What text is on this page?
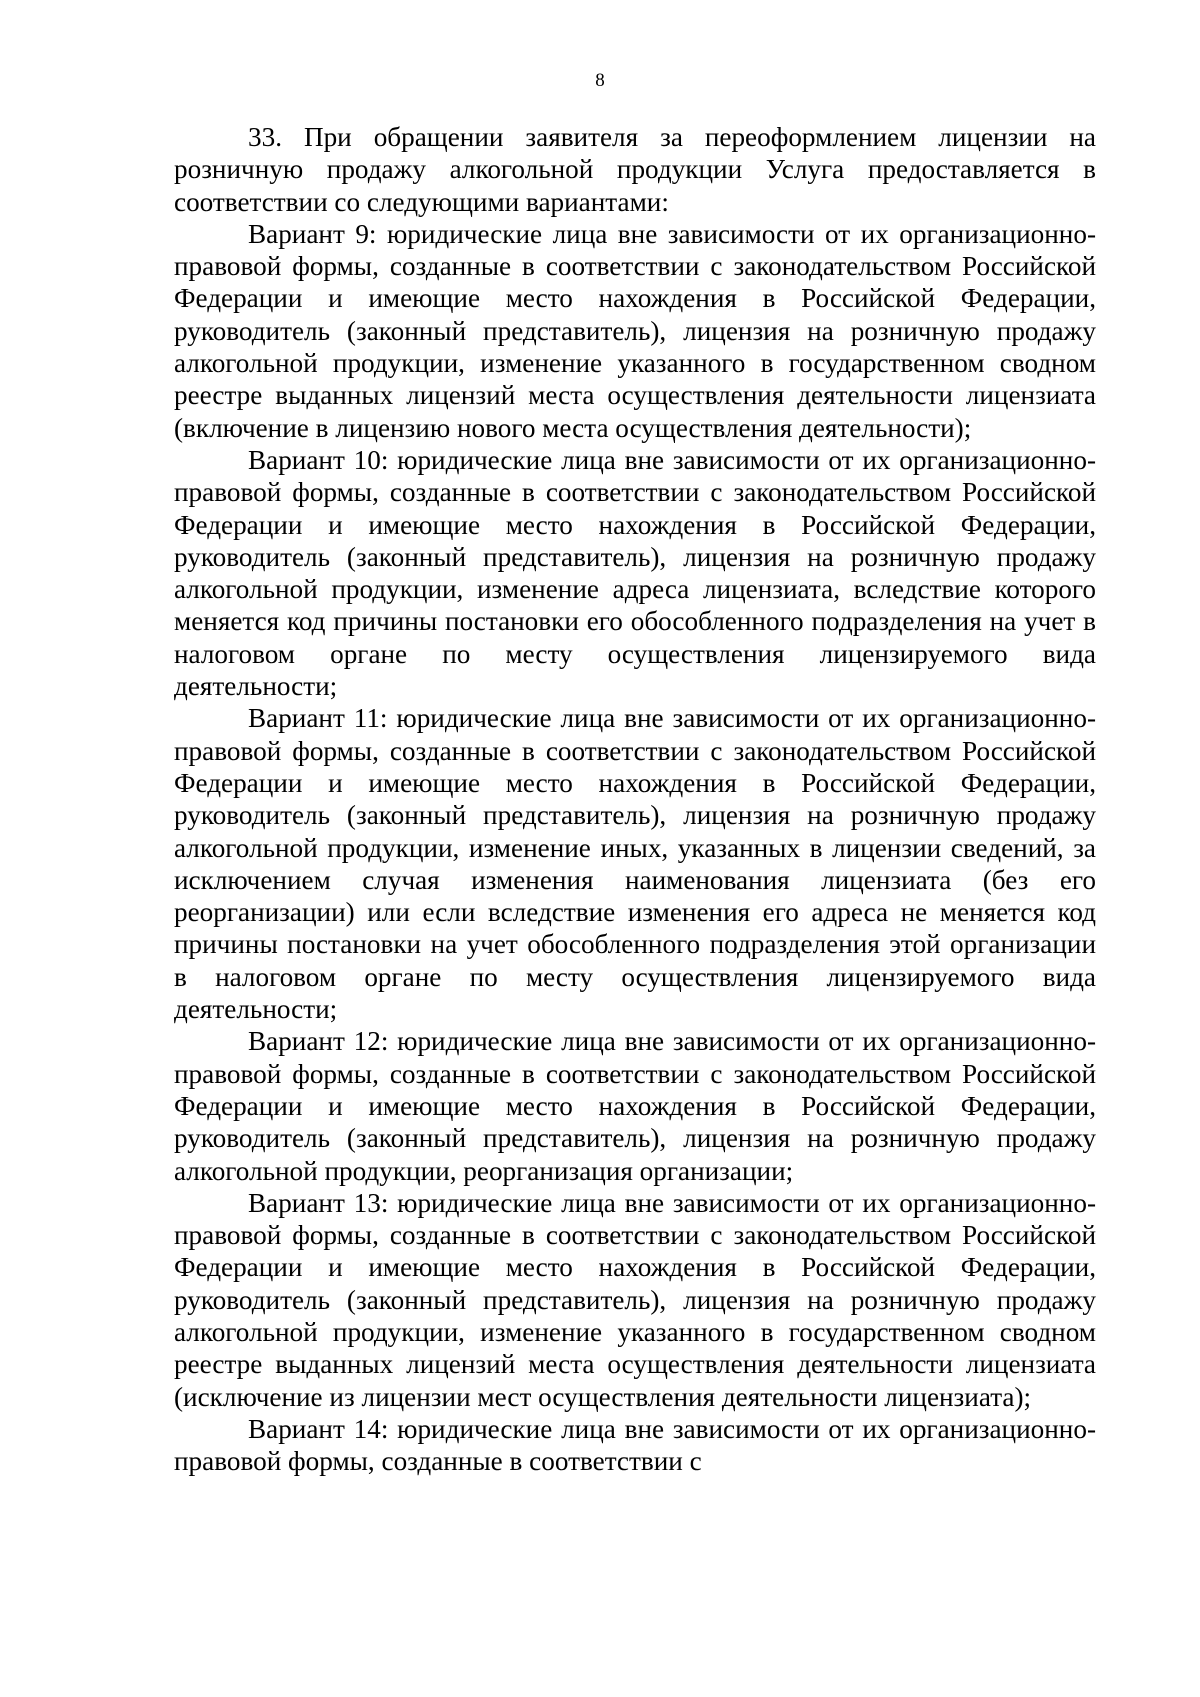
8

33. При обращении заявителя за переоформлением лицензии на розничную продажу алкогольной продукции Услуга предоставляется в соответствии со следующими вариантами:

Вариант 9: юридические лица вне зависимости от их организационно-правовой формы, созданные в соответствии с законодательством Российской Федерации и имеющие место нахождения в Российской Федерации, руководитель (законный представитель), лицензия на розничную продажу алкогольной продукции, изменение указанного в государственном сводном реестре выданных лицензий места осуществления деятельности лицензиата (включение в лицензию нового места осуществления деятельности);

Вариант 10: юридические лица вне зависимости от их организационно-правовой формы, созданные в соответствии с законодательством Российской Федерации и имеющие место нахождения в Российской Федерации, руководитель (законный представитель), лицензия на розничную продажу алкогольной продукции, изменение адреса лицензиата, вследствие которого меняется код причины постановки его обособленного подразделения на учет в налоговом органе по месту осуществления лицензируемого вида деятельности;

Вариант 11: юридические лица вне зависимости от их организационно-правовой формы, созданные в соответствии с законодательством Российской Федерации и имеющие место нахождения в Российской Федерации, руководитель (законный представитель), лицензия на розничную продажу алкогольной продукции, изменение иных, указанных в лицензии сведений, за исключением случая изменения наименования лицензиата (без его реорганизации) или если вследствие изменения его адреса не меняется код причины постановки на учет обособленного подразделения этой организации в налоговом органе по месту осуществления лицензируемого вида деятельности;

Вариант 12: юридические лица вне зависимости от их организационно-правовой формы, созданные в соответствии с законодательством Российской Федерации и имеющие место нахождения в Российской Федерации, руководитель (законный представитель), лицензия на розничную продажу алкогольной продукции, реорганизация организации;

Вариант 13: юридические лица вне зависимости от их организационно-правовой формы, созданные в соответствии с законодательством Российской Федерации и имеющие место нахождения в Российской Федерации, руководитель (законный представитель), лицензия на розничную продажу алкогольной продукции, изменение указанного в государственном сводном реестре выданных лицензий места осуществления деятельности лицензиата (исключение из лицензии мест осуществления деятельности лицензиата);

Вариант 14: юридические лица вне зависимости от их организационно-правовой формы, созданные в соответствии с
